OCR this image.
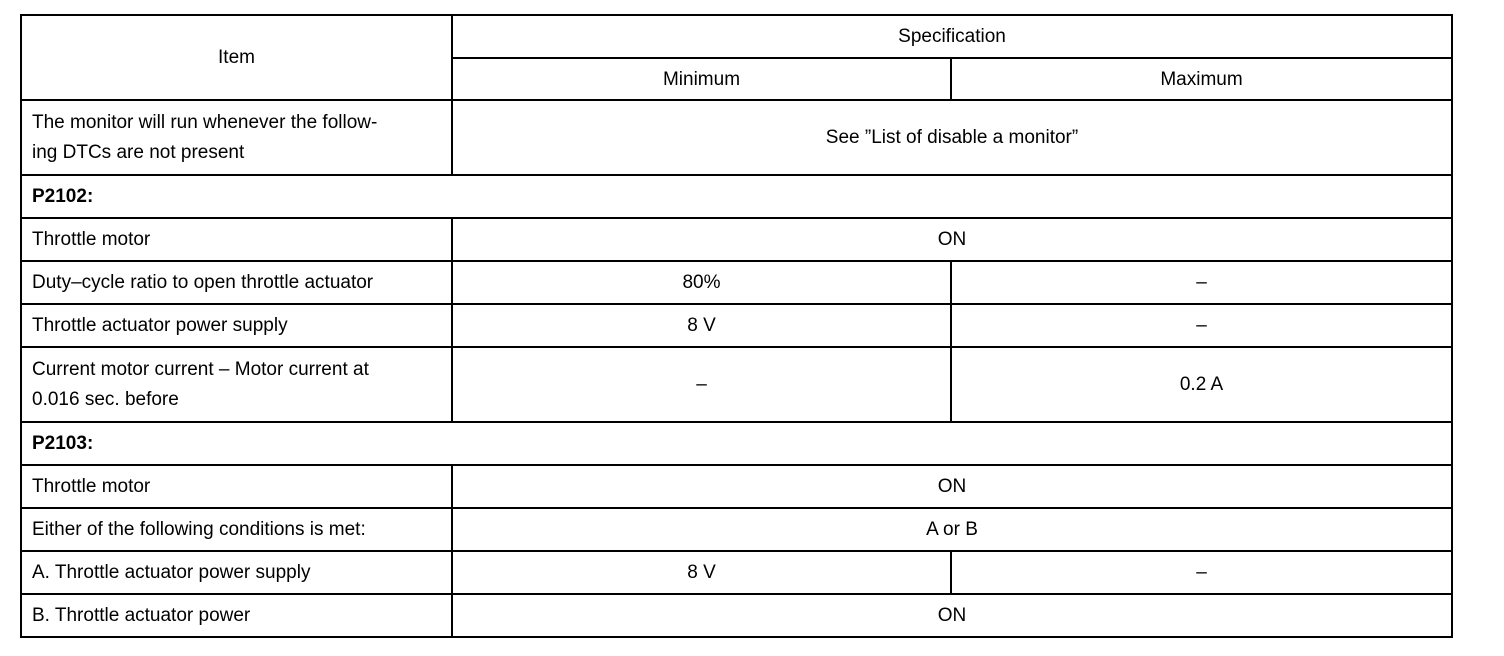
Item	Specification	
	Minimum	Maximum
The monitor will run whenever the follow-
ing DTCs are not present	See ”List of disable a monitor”	
P2102:		
Throttle motor	ON	
Duty–cycle ratio to open throttle actuator	80%	–
Throttle actuator power supply	8 V	–
Current motor current – Motor current at
0.016 sec. before	–	0.2 A
P2103:		
Throttle motor	ON	
Either of the following conditions is met:	A or B	
A. Throttle actuator power supply	8 V	–
B. Throttle actuator power	ON	
